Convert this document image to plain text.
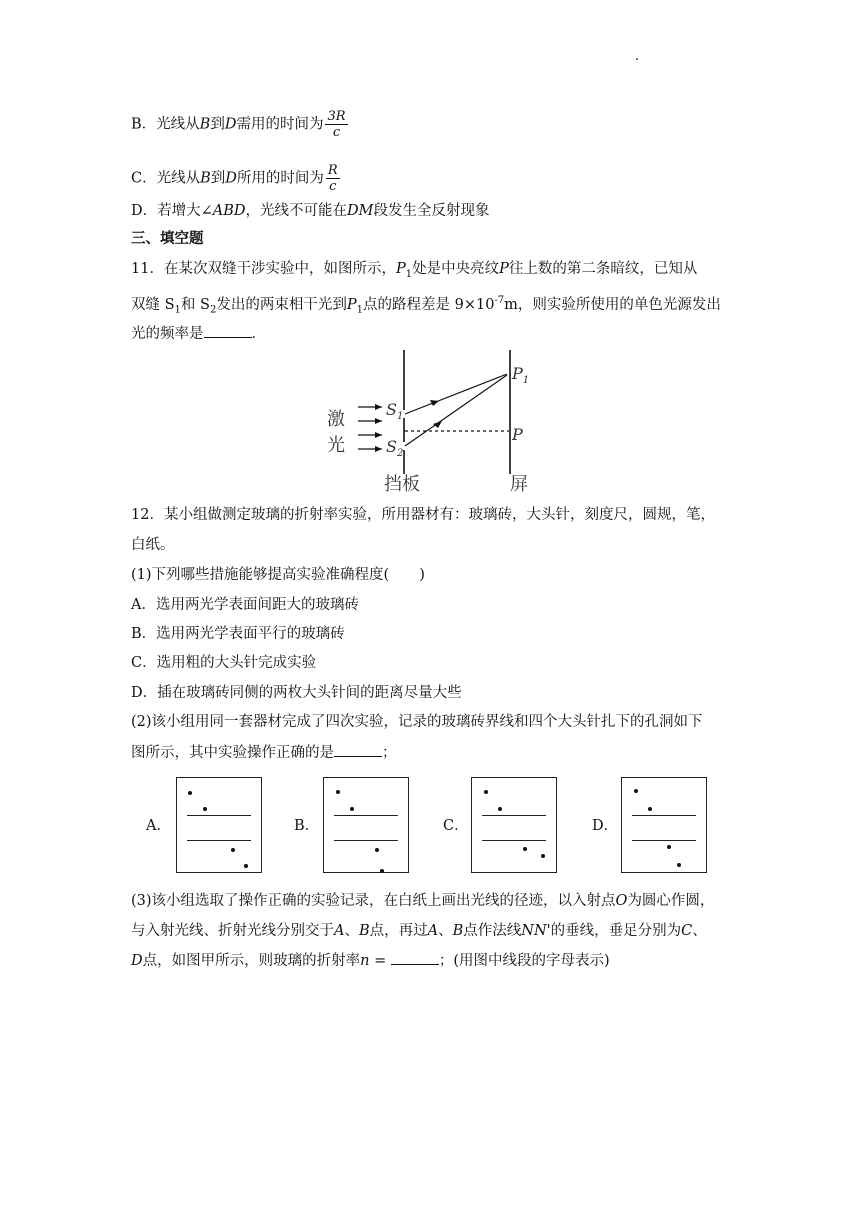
B．光线从B到D需用的时间为 $\frac{3R}{c}$
C．光线从B到D所用的时间为 $\frac{R}{c}$
D．若增大∠ABD，光线不可能在DM段发生全反射现象
三、填空题
11．在某次双缝干涉实验中，如图所示，$P_1$处是中央亮纹P往上数的第二条暗纹，已知从
双缝 $S_1$和 $S_2$发出的两束相干光到$P_1$点的路程差是 $9\times 10^{-7}m$，则实验所使用的单色光源发出
光的频率是	．
激
光
挡板	屏
$S_1$
$S_2$
$P_1$
P
12．某小组做测定玻璃的折射率实验，所用器材有：玻璃砖，大头针，刻度尺，圆规，笔，
白纸。
(1)下列哪些措施能够提高实验准确程度( )
A．选用两光学表面间距大的玻璃砖
B．选用两光学表面平行的玻璃砖
C．选用粗的大头针完成实验
D．插在玻璃砖同侧的两枚大头针间的距离尽量大些
(2)该小组用同一套器材完成了四次实验，记录的玻璃砖界线和四个大头针扎下的孔洞如下
图所示，其中实验操作正确的是	；
A．	B．	C．	D．
(3)该小组选取了操作正确的实验记录，在白纸上画出光线的径迹，以入射点O为圆心作圆，
与入射光线、折射光线分别交于A、B点，再过A、B点作法线NN'的垂线，垂足分别为C、
D点，如图甲所示，则玻璃的折射率n =	；(用图中线段的字母表示)
